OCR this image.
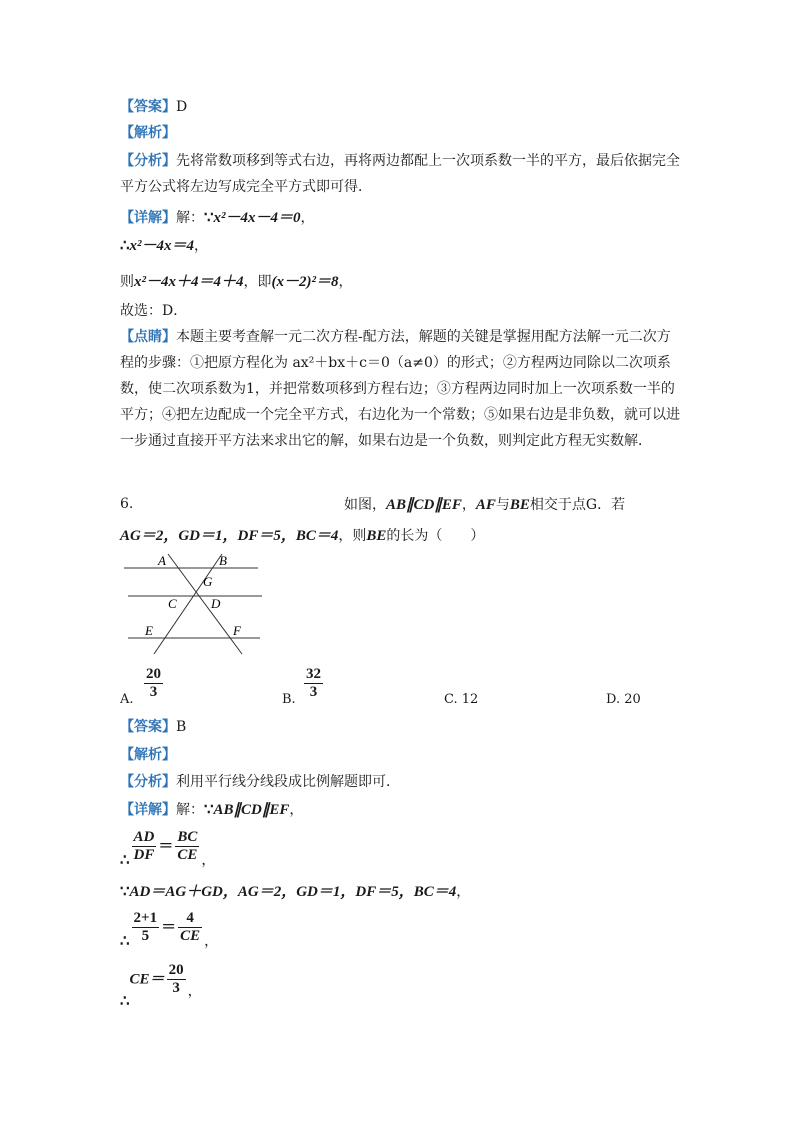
【答案】D
【解析】
【分析】先将常数项移到等式右边，再将两边都配上一次项系数一半的平方，最后依据完全平方公式将左边写成完全平方式即可得．
【详解】解：∵x²－4x－4＝0，
∴x²－4x＝4，
则x²－4x＋4＝4＋4，即(x－2)²＝8，
故选：D．
【点睛】本题主要考查解一元二次方程-配方法，解题的关键是掌握用配方法解一元二次方程的步骤：①把原方程化为 ax²＋bx＋c＝0（a≠0）的形式；②方程两边同除以二次项系数，使二次项系数为1，并把常数项移到方程右边；③方程两边同时加上一次项系数一半的平方；④把左边配成一个完全平方式，右边化为一个常数；⑤如果右边是非负数，就可以进一步通过直接开平方法来求出它的解，如果右边是一个负数，则判定此方程无实数解．
6.	如图，AB∥CD∥EF，AF与BE相交于点G．若
AG＝2，GD＝1，DF＝5，BC＝4，则BE的长为（　　）
A	B
G
C	D
E	F
A. $\frac{20}{3}$	B. $\frac{32}{3}$	C. 12	D. 20
【答案】B
【解析】
【分析】利用平行线分线段成比例解题即可．
【详解】解：∵AB∥CD∥EF，
∴ $\frac{AD}{DF} = \frac{BC}{CE}$ ，
∵AD＝AG＋GD，AG＝2，GD＝1，DF＝5，BC＝4，
∴ $\frac{2+1}{5} = \frac{4}{CE}$ ，
∴CE＝ $\frac{20}{3}$ ，
